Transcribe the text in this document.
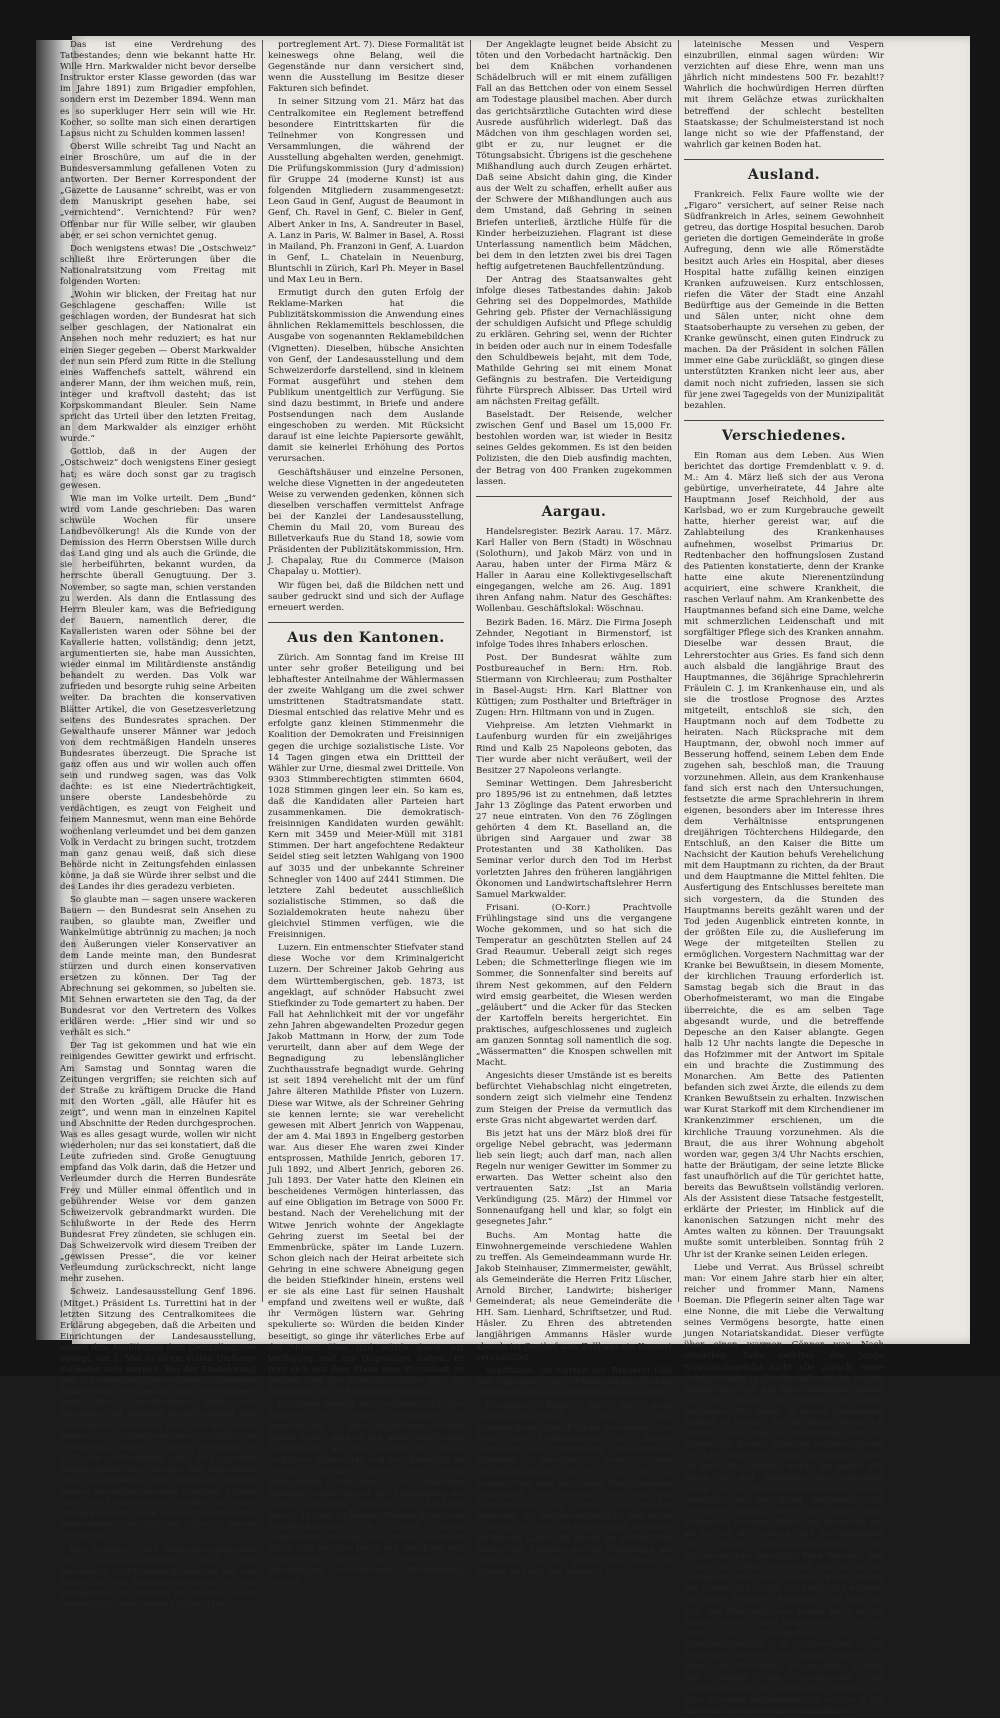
Das ist eine Verdrehung des Tatbestandes; denn wie bekannt hatte Hr. Wille Hrn. Markwalder nicht bevor derselbe Instruktor erster Klasse geworden (das war im Jahre 1891) zum Brigadier empfohlen, sondern erst im Dezember 1894. Wenn man es so superkluger Herr sein will wie Hr. Kocher, so sollte man sich einen derartigen Lapsus nicht zu Schulden kommen lassen!

Oberst Wille schreibt Tag und Nacht an einer Broschüre, um auf die in der Bundesversammlung gefallenen Voten zu antworten. Der Berner Korrespondent der „Gazette de Lausanne“ schreibt, was er von dem Manuskript gesehen habe, sei „vernichtend“. Vernichtend? Für wen? Offenbar nur für Wille selber, wir glauben aber, er sei schon vernichtet genug.

Doch wenigstens etwas! Die „Ostschweiz“ schließt ihre Erörterungen über die Nationalratsitzung vom Freitag mit folgenden Worten:

„Wohin wir blicken, der Freitag hat nur Geschlagene geschaffen: Wille ist geschlagen worden, der Bundesrat hat sich selber geschlagen, der Nationalrat ein Ansehen noch mehr reduziert; es hat nur einen Sieger gegeben — Oberst Markwalder der nun sein Pferd zum Ritte in die Stellung eines Waffenchefs sattelt, während ein anderer Mann, der ihm weichen muß, rein, integer und kraftvoll dasteht; das ist Korpskommandant Bleuler. Sein Name spricht das Urteil über den letzten Freitag, an dem Markwalder als einziger erhöht wurde.“

Gottlob, daß in der Augen der „Ostschweiz“ doch wenigstens Einer gesiegt hat; es wäre doch sonst gar zu tragisch gewesen.

Wie man im Volke urteilt. Dem „Bund“ wird vom Lande geschrieben: Das waren schwüle Wochen für unsere Landbevölkerung! Als die Kunde von der Demission des Herrn Oberstsen Wille durch das Land ging und als auch die Gründe, die sie herbeiführten, bekannt wurden, da herrschte überall Genugtuung. Der 3. November, so sagte man, schien verstanden zu werden. Als dann die Entlassung des Herrn Bleuler kam, was die Befriedigung der Bauern, namentlich derer, die Kavalleristen waren oder Söhne bei der Kavallerie hatten, vollständig; denn jetzt, argumentierten sie, habe man Aussichten, wieder einmal im Militärdienste anständig behandelt zu werden. Das Volk war zufrieden und besorgte ruhig seine Arbeiten weiter. Da brachten die konservativen Blätter Artikel, die von Gesetzesverletzung seitens des Bundesrates sprachen. Der Gewalthaufe unserer Männer war jedoch von dem rechtmäßigen Handeln unseres Bundesrates überzeugt. Die Sprache ist ganz offen aus und wir wollen auch offen sein und rundweg sagen, was das Volk dachte: es ist eine Niederträchtigkeit, unsere oberste Landesbehörde zu verdächtigen, es zeugt von Feigheit und feinem Mannesmut, wenn man eine Behörde wochenlang verleumdet und bei dem ganzen Volk in Verdacht zu bringen sucht, trotzdem man ganz genau weiß, daß sich diese Behörde nicht in Zeitungsfehden einlassen könne, ja daß sie Würde ihrer selbst und die des Landes ihr dies geradezu verbieten.

So glaubte man — sagen unsere wackeren Bauern — den Bundesrat sein Ansehen zu rauben, so glaubte man, Zweifler und Wankelmütige abtrünnig zu machen; ja noch den Äußerungen vieler Konservativer an dem Lande meinte man, den Bundesrat stürzen und durch einen konservativen ersetzen zu können. Der Tag der Abrechnung sei gekommen, so jubelten sie. Mit Sehnen erwarteten sie den Tag, da der Bundesrat vor den Vertretern des Volkes erklären werde: „Hier sind wir und so verhält es sich.“

Der Tag ist gekommen und hat wie ein reinigendes Gewitter gewirkt und erfrischt. Am Samstag und Sonntag waren die Zeitungen vergriffen; sie reichten sich auf der Straße zu kräftigem Drucke die Hand mit den Worten „gäll, alle Häufer hit es zeigt“, und wenn man in einzelnen Kapitel und Abschnitte der Reden durchgesprochen. Was es alles gesagt wurde, wollen wir nicht wiederholen; nur das sei konstatiert, daß die Leute zufrieden sind. Große Genugtuung empfand das Volk darin, daß die Hetzer und Verleumder durch die Herren Bundesräte Frey und Müller einmal öffentlich und in gebührender Weise vor dem ganzen Schweizervolk gebrandmarkt wurden. Die Schlußworte in der Rede des Herrn Bundesrat Frey zündeten, sie schlugen ein. Das Schweizervolk wird diesem Treiben der „gewissen Presse“, die vor keiner Verleumdung zurückschreckt, nicht lange mehr zusehen.

Schweiz. Landesausstellung Genf 1896. (Mitget.) Präsident Ls. Turrettini hat in der letzten Sitzung des Centralkomitees die Erklärung abgegeben, daß die Arbeiten und Einrichtungen der Landesausstellung, soweit ihre Ausführung dem Centralkomitee obliegt, am 1. Mai in ihrem vollen Umfange vollendet sein werden. Bei der Einlieferung der Ausstellungsgegenstände hingegen findet leider Verzögerung und Verspätungen statt. Das Centralkomitee sieht sich veranlaßt, auf dieselbe Zuverlässigkeit und Genauigkeit, welche zu jeder Zeit den Ruhm unserer schweizerischen Industrie ausmachen, zählen zu dürfen. Nachdem sie sich zur Mitwirkung an dem großen Unternehmen entschlossen und demselben schon bedeutende Opfer gebracht, werden unsere Aussteller dasselbe in letzter Stunde nicht durch unberechtes Verhalten in Gefahr bringen wollen, wenn andere Aussteller die unerwartete Ausführung ihrer Waren verzögern.

Das Transport- und Versicherungsbureau der Landesausstellung bringt den Ausstellern in Erinnerung, daß sie mit der Absendung der Ausstellungsobjekte in zwei Exemplaren die Faktura des Wertes dieser Gegenstände einzusenden haben (Trans-

portreglement Art. 7). Diese Formalität ist keineswegs ohne Belang, weil die Gegenstände nur dann versichert sind, wenn die Ausstellung im Besitze dieser Fakturen sich befindet.

In seiner Sitzung vom 21. März hat das Centralkomitee ein Reglement betreffend besondere Eintrittskarten für die Teilnehmer von Kongressen und Versammlungen, die während der Ausstellung abgehalten werden, genehmigt. Die Prüfungskommission (Jury d’admission) für Gruppe 24 (moderne Kunst) ist aus folgenden Mitgliedern zusammengesetzt: Leon Gaud in Genf, August de Beaumont in Genf, Ch. Ravel in Genf, C. Bieler in Genf, Albert Anker in Ins, A. Sandreuter in Basel, A. Lanz in Paris, W. Balmer in Basel, A. Rossi in Mailand, Ph. Franzoni in Genf, A. Luardon in Genf, L. Chatelain in Neuenburg, Bluntschli in Zürich, Karl Ph. Meyer in Basel und Max Leu in Bern.

Ermutigt durch den guten Erfolg der Reklame-Marken hat die Publizitätskommission die Anwendung eines ähnlichen Reklamemittels beschlossen, die Ausgabe von sogenannten Reklamebildchen (Vignetten). Dieselben, hübsche Ansichten von Genf, der Landesausstellung und dem Schweizerdorfe darstellend, sind in kleinem Format ausgeführt und stehen dem Publikum unentgeltlich zur Verfügung. Sie sind dazu bestimmt, in Briefe und andere Postsendungen nach dem Auslande eingeschoben zu werden. Mit Rücksicht darauf ist eine leichte Papiersorte gewählt, damit sie keinerlei Erhöhung des Portos verursachen.

Geschäftshäuser und einzelne Personen, welche diese Vignetten in der angedeuteten Weise zu verwenden gedenken, können sich dieselben verschaffen vermittelst Anfrage bei der Kanzlei der Landesausstellung, Chemin du Mail 20, vom Bureau des Billetverkaufs Rue du Stand 18, sowie vom Präsidenten der Publizitätskommission, Hrn. J. Chapalay, Rue du Commerce (Maison Chapalay u. Mottier).

Wir fügen bei, daß die Bildchen nett und sauber gedruckt sind und sich der Auflage erneuert werden.

Aus den Kantonen.

Zürich. Am Sonntag fand im Kreise III unter sehr großer Beteiligung und bei lebhaftester Anteilnahme der Wählermassen der zweite Wahlgang um die zwei schwer umstrittenen Stadtratsmandate statt. Diesmal entschied das relative Mehr und es erfolgte ganz kleinen Stimmenmehr die Koalition der Demokraten und Freisinnigen gegen die urchige sozialistische Liste. Vor 14 Tagen gingen etwa ein Drittteil der Wähler zur Urne, diesmal zwei Dritteile. Von 9303 Stimmberechtigten stimmten 6604, 1028 Stimmen gingen leer ein. So kam es, daß die Kandidaten aller Parteien hart zusammenkamen. Die demokratisch-freisinnigen Kandidaten wurden gewählt: Kern mit 3459 und Meier-Müll mit 3181 Stimmen. Der hart angefochtene Redakteur Seidel stieg seit letzten Wahlgang von 1900 auf 3035 und der unbekannte Schreiner Schnegler von 1400 auf 2441 Stimmen. Die letztere Zahl bedeutet ausschließlich sozialistische Stimmen, so daß die Sozialdemokraten heute nahezu über gleichviel Stimmen verfügen, wie die Freisinnigen.

Luzern. Ein entmenschter Stiefvater stand diese Woche vor dem Kriminalgericht Luzern. Der Schreiner Jakob Gehring aus dem Württembergischen, geb. 1873, ist angeklagt, auf schnöder Habsucht zwei Stiefkinder zu Tode gemartert zu haben. Der Fall hat Aehnlichkeit mit der vor ungefähr zehn Jahren abgewandelten Prozedur gegen Jakob Mattmann in Horw, der zum Tode verurteilt, dann aber auf dem Wege der Begnadigung zu lebenslänglicher Zuchthausstrafe begnadigt wurde. Gehring ist seit 1894 verehelicht mit der um fünf Jahre älteren Mathilde Pfister von Luzern. Diese war Witwe, als der Schreiner Gehring sie kennen lernte; sie war verehelicht gewesen mit Albert Jenrich von Wappenau, der am 4. Mai 1893 in Engelberg gestorben war. Aus dieser Ehe waren zwei Kinder entsprossen, Mathilde Jenrich, geboren 17. Juli 1892, und Albert Jenrich, geboren 26. Juli 1893. Der Vater hatte den Kleinen ein bescheidenes Vermögen hinterlassen, das auf eine Obligation im Betrage von 5000 Fr. bestand. Nach der Verehelichung mit der Witwe Jenrich wohnte der Angeklagte Gehring zuerst im Seetal bei der Emmenbrücke, später im Lande Luzern. Schon gleich nach der Heirat arbeitete sich Gehring in eine schwere Abneigung gegen die beiden Stiefkinder hinein, erstens weil er sie als eine Last für seinen Haushalt empfand und zweitens weil er wußte, daß ihr Vermögen lüstern war. Gehring spekulierte so: Würden die beiden Kinder beseitigt, so ginge ihr väterliches Erbe auf die Mutter über und würde damit zur Verfügung und zur Disposition stehen. Er trug sich mit dem Plane eine Wirtschaft zu kaufen, und die 5000 Fr. sollten ihm als Anzahlung an die Kaufsumme dienen.

Nachdem einmal der Gedanke, sich des Erbguts der beiden Stiefkinder zu bemächtigen, in dem Angeklagten Wurzel gefaßt hatte, ging er mit allem teuflischen Raffinement an die Ausführung seines ruchlosen Planes. Mit welcher Brutalität er verfuhr, darüber geben die Akten genügenden Aufschluß. Das Mädchen Mathilde wurde zuerst zur Verpflegung ins Spital (Gemeinde Emmen), das Knäblein Albert in der späteren Wohnung an der Friedenthalstraße in Luzern durch fortgesetzte Schläge mit einem schweren Stock und mit der Faust auf den Kopf und dergleichen durch das Wärmen bei planmäßigen konsequenten Mißhandlung erlagen.

Der Angeklagte leugnet beide Absicht zu töten und den Vorbedacht hartnäckig. Den bei dem Knäbchen vorhandenen Schädelbruch will er mit einem zufälligen Fall an das Bettchen oder von einem Sessel am Todestage plausibel machen. Aber durch das gerichtsärztliche Gutachten wird diese Ausrede ausführlich widerlegt. Daß das Mädchen von ihm geschlagen worden sei, gibt er zu, nur leugnet er die Tötungsabsicht. Übrigens ist die geschehene Mißhandlung auch durch Zeugen erhärtet. Daß seine Absicht dahin ging, die Kinder aus der Welt zu schaffen, erhellt außer aus der Schwere der Mißhandlungen auch aus dem Umstand, daß Gehring in seinen Briefen unterließ, ärztliche Hülfe für die Kinder herbeizuziehen. Flagrant ist diese Unterlassung namentlich beim Mädchen, bei dem in den letzten zwei bis drei Tagen heftig aufgetretenen Bauchfellentzündung.

Der Antrag des Staatsanwaltes geht infolge dieses Tatbestandes dahin: Jakob Gehring sei des Doppelmordes, Mathilde Gehring geb. Pfister der Vernachlässigung der schuldigen Aufsicht und Pflege schuldig zu erklären. Gehring sei, wenn der Richter in beiden oder auch nur in einem Todesfalle den Schuldbeweis bejaht, mit dem Tode, Mathilde Gehring sei mit einem Monat Gefängnis zu bestrafen. Die Verteidigung führte Fürsprech Albisser. Das Urteil wird am nächsten Freitag gefällt.

Baselstadt. Der Reisende, welcher zwischen Genf und Basel um 15,000 Fr. bestohlen worden war, ist wieder in Besitz seines Geldes gekommen. Es ist den beiden Polizisten, die den Dieb ausfindig machten, der Betrag von 400 Franken zugekommen lassen.

Aargau.

Handelsregister. Bezirk Aarau. 17. März. Karl Haller von Bern (Stadt) in Wöschnau (Solothurn), und Jakob März von und in Aarau, haben unter der Firma März & Haller in Aarau eine Kollektivgesellschaft eingegangen, welche am 26. Aug. 1891 ihren Anfang nahm. Natur des Geschäftes: Wollenbau. Geschäftslokal: Wöschnau.

Bezirk Baden. 16. März. Die Firma Joseph Zehnder, Negotiant in Birmenstorf, ist infolge Todes ihres Inhabers erloschen.

Post. Der Bundesrat wählte zum Postbureauchef in Bern: Hrn. Rob. Stiermann von Kirchleerau; zum Posthalter in Basel-Augst: Hrn. Karl Blattner von Küttigen; zum Posthalter und Briefträger in Zugen: Hrn. Hiltmann von und in Zugen.

Viehpreise. Am letzten Viehmarkt in Laufenburg wurden für ein zweijähriges Rind und Kalb 25 Napoleons geboten, das Tier wurde aber nicht veräußert, weil der Besitzer 27 Napoleons verlangte.

Seminar Wettingen. Dem Jahresbericht pro 1895/96 ist zu entnehmen, daß letztes Jahr 13 Zöglinge das Patent erworben und 27 neue eintraten. Von den 76 Zöglingen gehörten 4 dem Kt. Baselland an, die übrigen sind Aargauer und zwar 38 Protestanten und 38 Katholiken. Das Seminar verlor durch den Tod im Herbst vorletzten Jahres den früheren langjährigen Ökonomen und Landwirtschaftslehrer Herrn Samuel Markwalder.

Frisani. (O-Korr.) Prachtvolle Frühlingstage sind uns die vergangene Woche gekommen, und so hat sich die Temperatur an geschützten Stellen auf 24 Grad Reaumur. Ueberall zeigt sich reges Leben; die Schmetterlinge fliegen wie im Sommer, die Sonnenfalter sind bereits auf ihrem Nest gekommen, auf den Feldern wird emsig gearbeitet, die Wiesen werden „geläubert“ und die Acker für das Stecken der Kartoffeln bereits hergerichtet. Ein praktisches, aufgeschlossenes und zugleich am ganzen Sonntag soll namentlich die sog. „Wässermatten“ die Knospen schwellen mit Macht.

Angesichts dieser Umstände ist es bereits befürchtet Viehabschlag nicht eingetreten, sondern zeigt sich vielmehr eine Tendenz zum Steigen der Preise da vermutlich das erste Gras nicht abgewartet werden darf.

Bis jetzt hat uns der März bloß drei für orgelige Nebel gebracht, was jedermann lieb sein liegt; auch darf man, nach allen Regeln nur weniger Gewitter im Sommer zu erwarten. Das Wetter scheint also den vertrauenten Satz: „Ist an Maria Verkündigung (25. März) der Himmel vor Sonnenaufgang hell und klar, so folgt ein gesegnetes Jahr.“

Buchs. Am Montag hatte die Einwohnergemeinde verschiedene Wahlen zu treffen. Als Gemeindeammann wurde Hr. Jakob Steinhauser, Zimmermeister, gewählt, als Gemeinderäte die Herren Fritz Lüscher, Arnold Bircher, Landwirte; bisheriger Gemeinderat; als neue Gemeinderäte die HH. Sam. Lienhard, Schriftsetzer, und Rud. Häsler. Zu Ehren des abtretenden langjährigen Ammanns Häsler wurde abends im Gasthof zum Zollhaus ein Konzert veranstaltet.

Schöftland. Im Garten der Brauerei Gall gab gestern die Feldmusikgesellschaft Unterentfelden ein wohlgelungenes Konzert.

Frickthal. Kaum ist der neue Schulgesetzentwurf des Hrn. Erziehungsdirektor Käppeli erschienen, so fielen die Dunkelmänner im „Basler Volksblatt“ und „Frickthaler“ ihre heiseren Stimmen erhoben gegen den Besoldungsansatz von Fr. 1500 für die Lehrer. Und dies aus lauter Nächstenliebe gegenüber den Lehrern, die bei der Säkularisation der Schule ihre Rechte vertreten, ist selbstverständlich. Wie ehrte es, wenn sie doch die Lehrerschaft nicht nur im Herzen haben, die gewiß die größte Ehre haben, am Sonntag wie an Feiertagen als Organisten in der Kirche die Orgel zu spielen und mit den Sängern

lateinische Messen und Vespern einzubrillen, einmal sagen würden: Wir verzichten auf diese Ehre, wenn man uns jährlich nicht mindestens 500 Fr. bezahlt!? Wahrlich die hochwürdigen Herren dürften mit ihrem Gelächze etwas zurückhalten betreffend der schlecht bestellten Staatskasse; der Schulmeisterstand ist noch lange nicht so wie der Pfaffenstand, der wahrlich gar keinen Boden hat.

Ausland.

Frankreich. Felix Faure wollte wie der „Figaro“ versichert, auf seiner Reise nach Südfrankreich in Arles, seinem Gewohnheit getreu, das dortige Hospital besuchen. Darob gerieten die dortigen Gemeinderäte in große Aufregung, denn wie alle Römerstädte besitzt auch Arles ein Hospital, aber dieses Hospital hatte zufällig keinen einzigen Kranken aufzuweisen. Kurz entschlossen, riefen die Väter der Stadt eine Anzahl Bedürftige aus der Gemeinde in die Betten und Sälen unter, nicht ohne dem Staatsoberhaupte zu versehen zu geben, der Kranke gewünscht, einen guten Eindruck zu machen. Da der Präsident in solchen Fällen immer eine Gabe zurückläßt, so gingen diese unterstützten Kranken nicht leer aus, aber damit noch nicht zufrieden, lassen sie sich für jene zwei Tagegelds von der Munizipalität bezahlen.

Verschiedenes.

Ein Roman aus dem Leben. Aus Wien berichtet das dortige Fremdenblatt v. 9. d. M.: Am 4. März ließ sich der aus Verona gebürtige, unverheiratete, 44 Jahre alte Hauptmann Josef Reichhold, der aus Karlsbad, wo er zum Kurgebrauche geweilt hatte, hierher gereist war, auf die Zahlabteilung des Krankenhauses aufnehmen, woselbst Primarius Dr. Redtenbacher den hoffnungslosen Zustand des Patienten konstatierte, denn der Kranke hatte eine akute Nierenentzündung acquiriert, eine schwere Krankheit, die raschen Verlauf nahm. Am Krankenbette des Hauptmannes befand sich eine Dame, welche mit schmerzlichen Leidenschaft und mit sorgfältiger Pflege sich des Kranken annahm. Dieselbe war dessen Braut, die Lehrerstochter aus Gries. Es fand sich denn auch alsbald die langjährige Braut des Hauptmannes, die 36jährige Sprachlehrerin Fräulein C. J. im Krankenhause ein, und als sie die trostlose Prognose des Arztes mitgeteilt, entschloß sie sich, den Hauptmann noch auf dem Todbette zu heiraten. Nach Rücksprache mit dem Hauptmann, der, obwohl noch immer auf Besserung hoffend, seinem Leben dem Ende zugehen sah, beschloß man, die Trauung vorzunehmen. Allein, aus dem Krankenhause fand sich erst nach den Untersuchungen, festsetzte die arme Sprachlehrerin in ihrem eigenen, besonders aber im Interesse ihres dem Verhältnisse entsprungenen dreijährigen Töchterchens Hildegarde, den Entschluß, an den Kaiser die Bitte um Nachsicht der Kaution behufs Verehelichung mit dem Hauptmann zu richten, da der Braut und dem Hauptmanne die Mittel fehlten. Die Ausfertigung des Entschlusses bereitete man sich vorgestern, da die Stunden des Hauptmanns bereits gezählt waren und der Tod jeden Augenblick eintreten konnte, in der größten Eile zu, die Auslieferung im Wege der mitgeteilten Stellen zu ermöglichen. Vorgestern Nachmittag war der Kranke bei Bewußtsein, in diesem Momente, der kirchlichen Trauung erforderlich ist. Samstag begab sich die Braut in das Oberhofmeisteramt, wo man die Eingabe überreichte, die es am selben Tage abgesandt wurde, und die betreffende Depesche an den Kaiser ablangte. Gegen halb 12 Uhr nachts langte die Depesche in das Hofzimmer mit der Antwort im Spitale ein und brachte die Zustimmung des Monarchen. Am Bette des Patienten befanden sich zwei Ärzte, die eilends zu dem Kranken Bewußtsein zu erhalten. Inzwischen war Kurat Starkoff mit dem Kirchendiener im Krankenzimmer erschienen, um die kirchliche Trauung vorzunehmen. Als die Braut, die aus ihrer Wohnung abgeholt worden war, gegen 3/4 Uhr Nachts erschien, hatte der Bräutigam, der seine letzte Blicke fast unaufhörlich auf die Tür gerichtet hatte, bereits das Bewußtsein vollständig verloren. Als der Assistent diese Tatsache festgestellt, erklärte der Priester, im Hinblick auf die kanonischen Satzungen nicht mehr des Amtes walten zu können. Der Trauungsakt mußte somit unterbleiben. Sonntag früh 2 Uhr ist der Kranke seinen Leiden erlegen.

Liebe und Verrat. Aus Brüssel schreibt man: Vor einem Jahre starb hier ein alter, reicher und frommer Mann, Namens Boeman. Die Pflegerin seiner alten Tage war eine Nonne, die mit Liebe die Verwaltung seines Vermögens besorgte, hatte einen jungen Notariatskandidat. Dieser verfügte über einen warmen Gönner war. Nach derselben Tode verblieb der junge Notariatskandidat nicht alle zurück; seine Geldgeschäfte in Gesellschaft mit der jungen Nonne, die sich mit ihm verbanden, ließen sich die beiden und führten ein zartes Verhältnis. Der Mann, in diesen blendenden Einfluß er Nonne, die ihn liebte, fügte sich diesem, und ging in Verbindung mit der Nonne, die bereits über die rechten Glieder der Ehe, welche ihr nicht zugekommen war, ihr jene Alte Männer wurde die ganze alte Mann. Er war zeitlebens ein sparsamer Mann. Als die Hinterbliebenen hinter einem Gemälde, in die Wand eingebaut, das Testament fanden, erhielt die Nonne nicht sonderlich erstaunt. Mehr aber erstaunte sie, als es sich als zugleich, daß das Testament den jungen Notariatskandidaten zum Universalerben einsetzte. Eine Wunder, daß er sich als Erbin eingestellt war, als er das Testament ans Licht brachte, Erbin wurde die Nonne. Sie wurde um Nachsicht erlangt, um einen Reichtum Erbschaft, die bald auf sich ein Erbschaft, der Lange nach in die kloster zurück. Nicht lange jedoch litt es sie dort; bei Gelegenheit ein ihr Notariatskandidat in derselben, die Erbschaft antreten. Nicht lange erfuhr es sie daher, die Erbschaft. Als sie eines Abends still entfloh sie, vertauschte ihr Nonnengewand mit kleidsamen Kleide und eilte an einen bestimmten Ort, wo sie in die Arme des jungen Notariatskandidaten.
